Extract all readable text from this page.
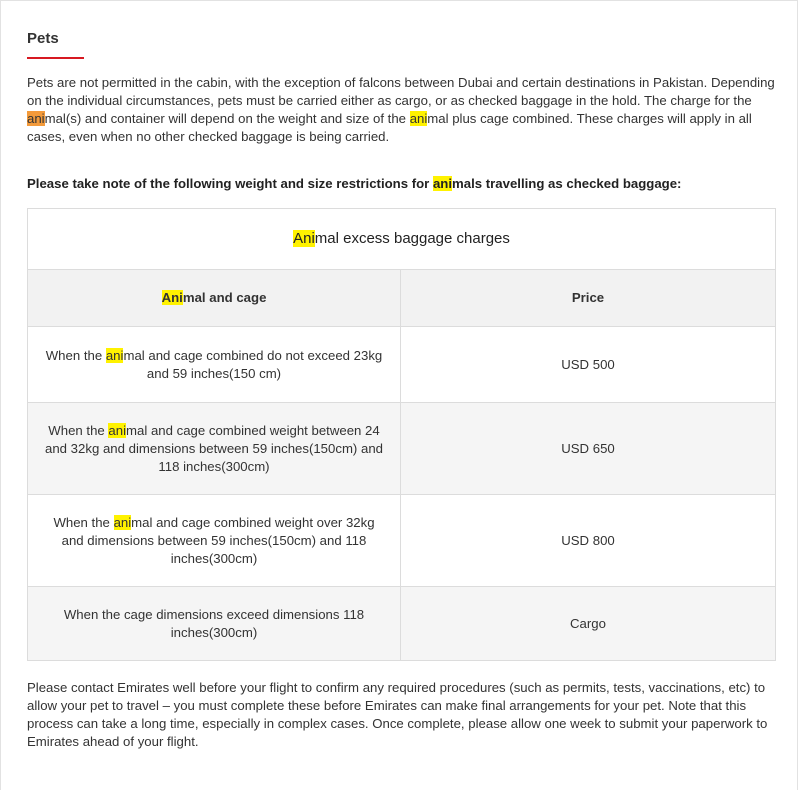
Pets

Pets are not permitted in the cabin, with the exception of falcons between Dubai and certain destinations in Pakistan. Depending on the individual circumstances, pets must be carried either as cargo, or as checked baggage in the hold. The charge for the animal(s) and container will depend on the weight and size of the animal plus cage combined. These charges will apply in all cases, even when no other checked baggage is being carried.

Please take note of the following weight and size restrictions for animals travelling as checked baggage:

Animal excess baggage charges	
Animal and cage	Price
When the animal and cage combined do not exceed 23kg and 59 inches(150 cm)	USD 500
When the animal and cage combined weight between 24 and 32kg and dimensions between 59 inches(150cm) and 118 inches(300cm)	USD 650
When the animal and cage combined weight over 32kg and dimensions between 59 inches(150cm) and 118 inches(300cm)	USD 800
When the cage dimensions exceed dimensions 118 inches(300cm)	Cargo

Please contact Emirates well before your flight to confirm any required procedures (such as permits, tests, vaccinations, etc) to allow your pet to travel – you must complete these before Emirates can make final arrangements for your pet. Note that this process can take a long time, especially in complex cases. Once complete, please allow one week to submit your paperwork to Emirates ahead of your flight.
